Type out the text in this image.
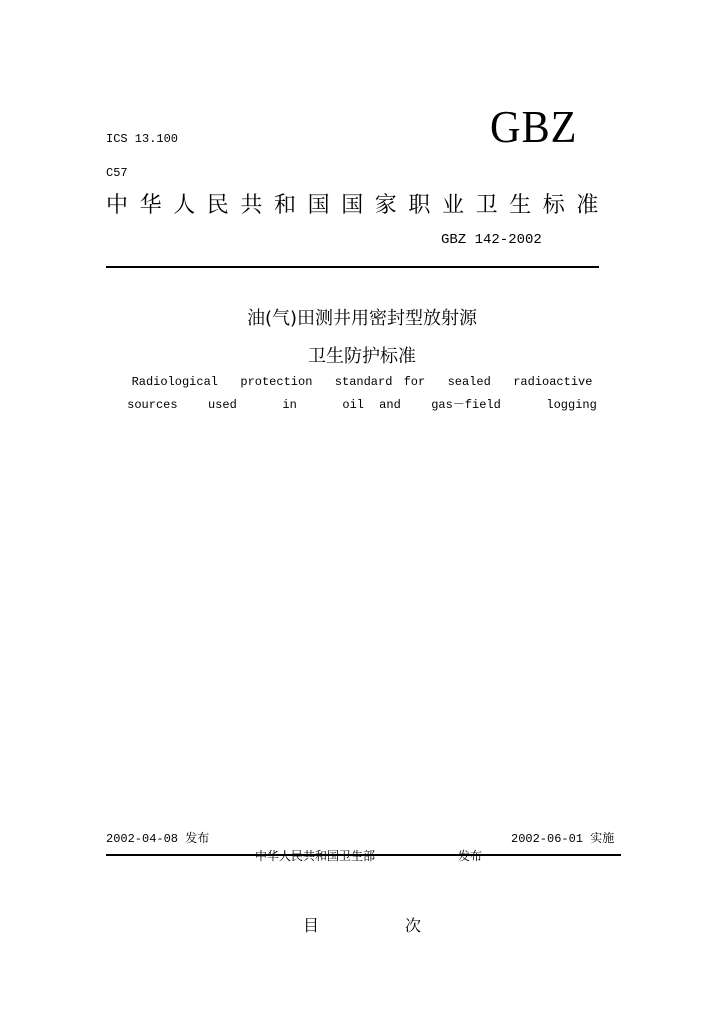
ICS 13.100	GBZ
C57
中华人民共和国国家职业卫生标准
GBZ 142-2002
油(气)田测井用密封型放射源
卫生防护标准
Radiological  protection  standard for  sealed  radioactive
sources  used   in   oil and  gas－field   logging
2002-04-08 发布	2002-06-01 实施
中华人民共和国卫生部	发布
目	次
